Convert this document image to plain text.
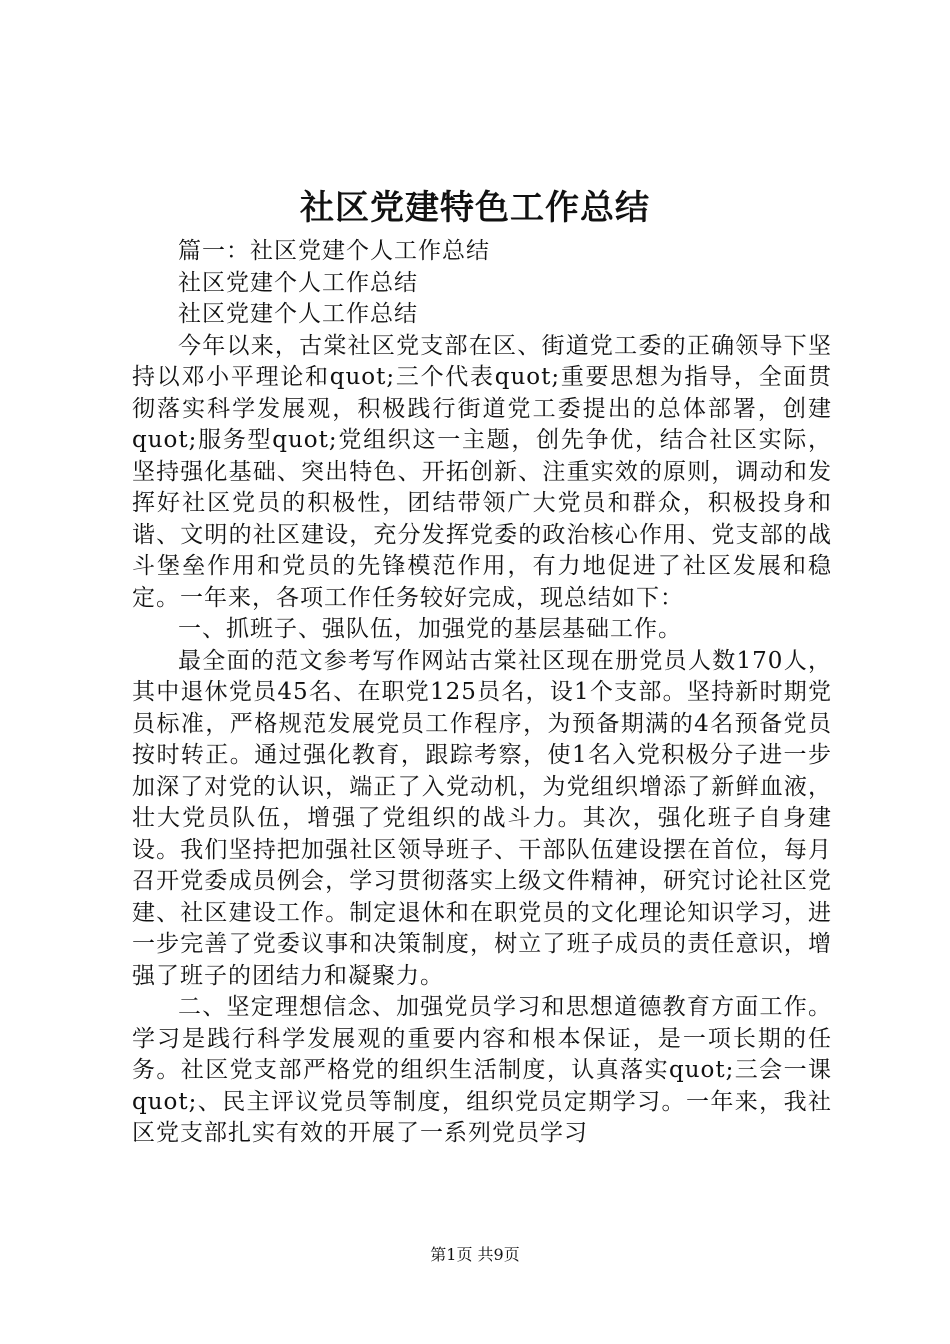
社区党建特色工作总结

篇一：社区党建个人工作总结

社区党建个人工作总结

社区党建个人工作总结

今年以来，古棠社区党支部在区、街道党工委的正确领导下坚持以邓小平理论和quot;三个代表quot;重要思想为指导，全面贯彻落实科学发展观，积极践行街道党工委提出的总体部署，创建quot;服务型quot;党组织这一主题，创先争优，结合社区实际，坚持强化基础、突出特色、开拓创新、注重实效的原则，调动和发挥好社区党员的积极性，团结带领广大党员和群众，积极投身和谐、文明的社区建设，充分发挥党委的政治核心作用、党支部的战斗堡垒作用和党员的先锋模范作用，有力地促进了社区发展和稳定。一年来，各项工作任务较好完成，现总结如下：

一、抓班子、强队伍，加强党的基层基础工作。

最全面的范文参考写作网站古棠社区现在册党员人数170人，其中退休党员45名、在职党125员名，设1个支部。坚持新时期党员标准，严格规范发展党员工作程序，为预备期满的4名预备党员按时转正。通过强化教育，跟踪考察，使1名入党积极分子进一步加深了对党的认识，端正了入党动机，为党组织增添了新鲜血液，壮大党员队伍，增强了党组织的战斗力。其次，强化班子自身建设。我们坚持把加强社区领导班子、干部队伍建设摆在首位，每月召开党委成员例会，学习贯彻落实上级文件精神，研究讨论社区党建、社区建设工作。制定退休和在职党员的文化理论知识学习，进一步完善了党委议事和决策制度，树立了班子成员的责任意识，增强了班子的团结力和凝聚力。

二、坚定理想信念、加强党员学习和思想道德教育方面工作。学习是践行科学发展观的重要内容和根本保证，是一项长期的任务。社区党支部严格党的组织生活制度，认真落实quot;三会一课quot;、民主评议党员等制度，组织党员定期学习。一年来，我社区党支部扎实有效的开展了一系列党员学习

第1页 共9页
